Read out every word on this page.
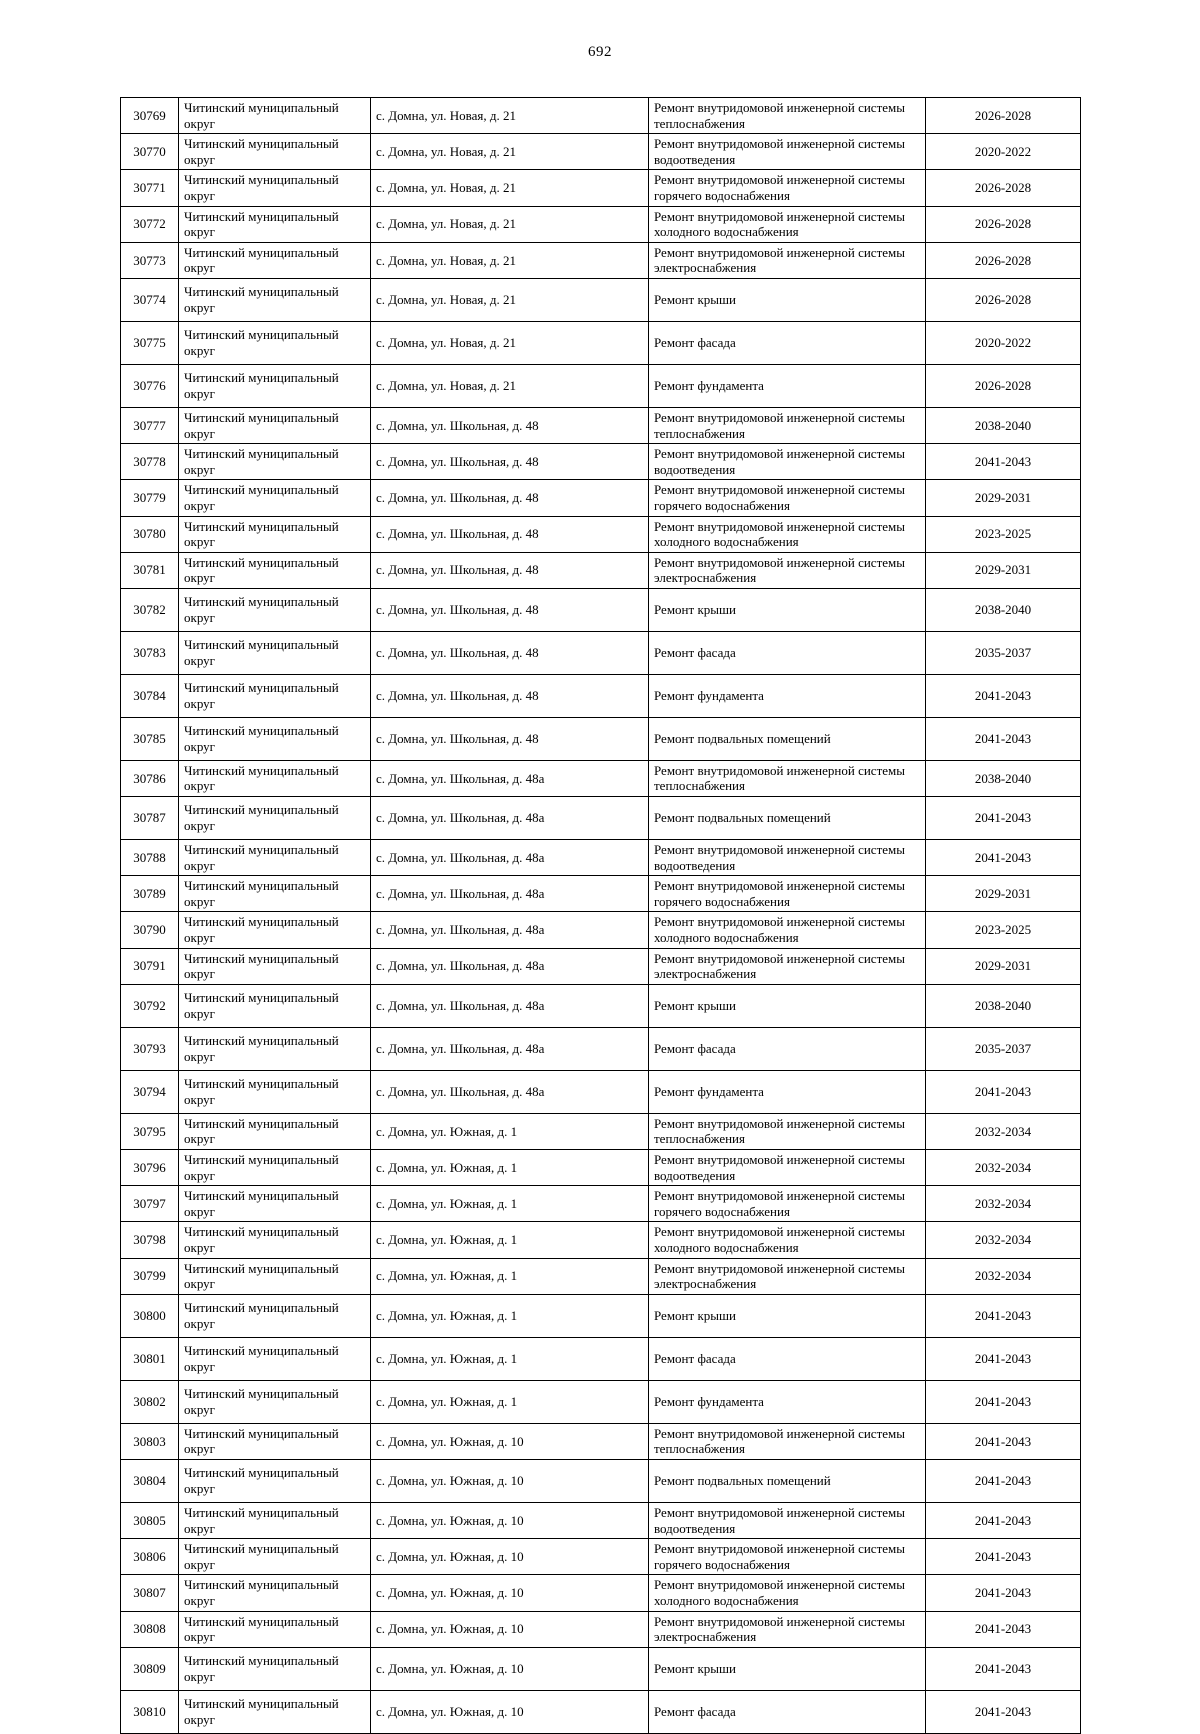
692
30769	Читинский муниципальный округ	с. Домна, ул. Новая, д. 21	Ремонт внутридомовой инженерной системы теплоснабжения	2026-2028
30770	Читинский муниципальный округ	с. Домна, ул. Новая, д. 21	Ремонт внутридомовой инженерной системы водоотведения	2020-2022
30771	Читинский муниципальный округ	с. Домна, ул. Новая, д. 21	Ремонт внутридомовой инженерной системы горячего водоснабжения	2026-2028
30772	Читинский муниципальный округ	с. Домна, ул. Новая, д. 21	Ремонт внутридомовой инженерной системы холодного водоснабжения	2026-2028
30773	Читинский муниципальный округ	с. Домна, ул. Новая, д. 21	Ремонт внутридомовой инженерной системы электроснабжения	2026-2028
30774	Читинский муниципальный округ	с. Домна, ул. Новая, д. 21	Ремонт крыши	2026-2028
30775	Читинский муниципальный округ	с. Домна, ул. Новая, д. 21	Ремонт фасада	2020-2022
30776	Читинский муниципальный округ	с. Домна, ул. Новая, д. 21	Ремонт фундамента	2026-2028
30777	Читинский муниципальный округ	с. Домна, ул. Школьная, д. 48	Ремонт внутридомовой инженерной системы теплоснабжения	2038-2040
30778	Читинский муниципальный округ	с. Домна, ул. Школьная, д. 48	Ремонт внутридомовой инженерной системы водоотведения	2041-2043
30779	Читинский муниципальный округ	с. Домна, ул. Школьная, д. 48	Ремонт внутридомовой инженерной системы горячего водоснабжения	2029-2031
30780	Читинский муниципальный округ	с. Домна, ул. Школьная, д. 48	Ремонт внутридомовой инженерной системы холодного водоснабжения	2023-2025
30781	Читинский муниципальный округ	с. Домна, ул. Школьная, д. 48	Ремонт внутридомовой инженерной системы электроснабжения	2029-2031
30782	Читинский муниципальный округ	с. Домна, ул. Школьная, д. 48	Ремонт крыши	2038-2040
30783	Читинский муниципальный округ	с. Домна, ул. Школьная, д. 48	Ремонт фасада	2035-2037
30784	Читинский муниципальный округ	с. Домна, ул. Школьная, д. 48	Ремонт фундамента	2041-2043
30785	Читинский муниципальный округ	с. Домна, ул. Школьная, д. 48	Ремонт подвальных помещений	2041-2043
30786	Читинский муниципальный округ	с. Домна, ул. Школьная, д. 48а	Ремонт внутридомовой инженерной системы теплоснабжения	2038-2040
30787	Читинский муниципальный округ	с. Домна, ул. Школьная, д. 48а	Ремонт подвальных помещений	2041-2043
30788	Читинский муниципальный округ	с. Домна, ул. Школьная, д. 48а	Ремонт внутридомовой инженерной системы водоотведения	2041-2043
30789	Читинский муниципальный округ	с. Домна, ул. Школьная, д. 48а	Ремонт внутридомовой инженерной системы горячего водоснабжения	2029-2031
30790	Читинский муниципальный округ	с. Домна, ул. Школьная, д. 48а	Ремонт внутридомовой инженерной системы холодного водоснабжения	2023-2025
30791	Читинский муниципальный округ	с. Домна, ул. Школьная, д. 48а	Ремонт внутридомовой инженерной системы электроснабжения	2029-2031
30792	Читинский муниципальный округ	с. Домна, ул. Школьная, д. 48а	Ремонт крыши	2038-2040
30793	Читинский муниципальный округ	с. Домна, ул. Школьная, д. 48а	Ремонт фасада	2035-2037
30794	Читинский муниципальный округ	с. Домна, ул. Школьная, д. 48а	Ремонт фундамента	2041-2043
30795	Читинский муниципальный округ	с. Домна, ул. Южная, д. 1	Ремонт внутридомовой инженерной системы теплоснабжения	2032-2034
30796	Читинский муниципальный округ	с. Домна, ул. Южная, д. 1	Ремонт внутридомовой инженерной системы водоотведения	2032-2034
30797	Читинский муниципальный округ	с. Домна, ул. Южная, д. 1	Ремонт внутридомовой инженерной системы горячего водоснабжения	2032-2034
30798	Читинский муниципальный округ	с. Домна, ул. Южная, д. 1	Ремонт внутридомовой инженерной системы холодного водоснабжения	2032-2034
30799	Читинский муниципальный округ	с. Домна, ул. Южная, д. 1	Ремонт внутридомовой инженерной системы электроснабжения	2032-2034
30800	Читинский муниципальный округ	с. Домна, ул. Южная, д. 1	Ремонт крыши	2041-2043
30801	Читинский муниципальный округ	с. Домна, ул. Южная, д. 1	Ремонт фасада	2041-2043
30802	Читинский муниципальный округ	с. Домна, ул. Южная, д. 1	Ремонт фундамента	2041-2043
30803	Читинский муниципальный округ	с. Домна, ул. Южная, д. 10	Ремонт внутридомовой инженерной системы теплоснабжения	2041-2043
30804	Читинский муниципальный округ	с. Домна, ул. Южная, д. 10	Ремонт подвальных помещений	2041-2043
30805	Читинский муниципальный округ	с. Домна, ул. Южная, д. 10	Ремонт внутридомовой инженерной системы водоотведения	2041-2043
30806	Читинский муниципальный округ	с. Домна, ул. Южная, д. 10	Ремонт внутридомовой инженерной системы горячего водоснабжения	2041-2043
30807	Читинский муниципальный округ	с. Домна, ул. Южная, д. 10	Ремонт внутридомовой инженерной системы холодного водоснабжения	2041-2043
30808	Читинский муниципальный округ	с. Домна, ул. Южная, д. 10	Ремонт внутридомовой инженерной системы электроснабжения	2041-2043
30809	Читинский муниципальный округ	с. Домна, ул. Южная, д. 10	Ремонт крыши	2041-2043
30810	Читинский муниципальный округ	с. Домна, ул. Южная, д. 10	Ремонт фасада	2041-2043
